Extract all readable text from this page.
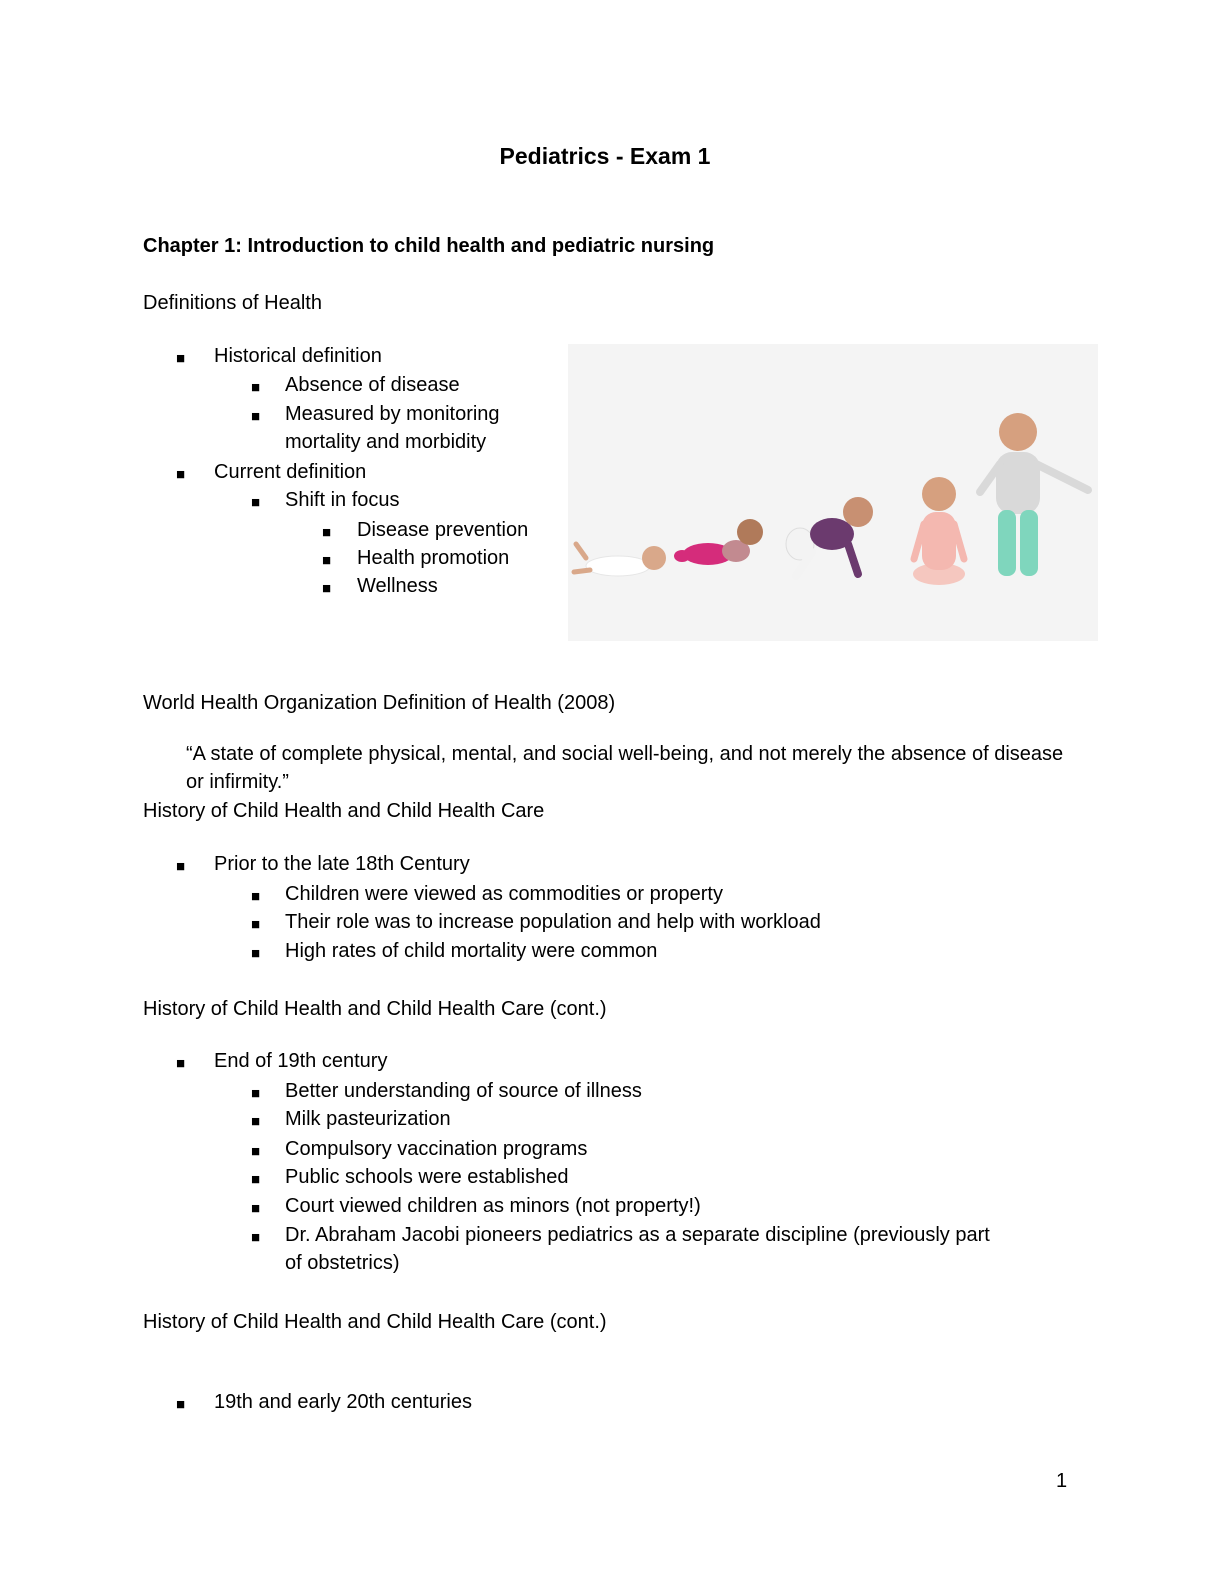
Pediatrics - Exam 1
Chapter 1: Introduction to child health and pediatric nursing
Definitions of Health
■ Historical definition
■ Absence of disease
■ Measured by monitoring
mortality and morbidity
■ Current definition
■ Shift in focus
■ Disease prevention
■ Health promotion
■ Wellness
World Health Organization Definition of Health (2008)
“A state of complete physical, mental, and social well-being, and not merely the absence of disease or infirmity.”
History of Child Health and Child Health Care
■ Prior to the late 18th Century
■ Children were viewed as commodities or property
■ Their role was to increase population and help with workload
■ High rates of child mortality were common
History of Child Health and Child Health Care (cont.)
■ End of 19th century
■ Better understanding of source of illness
■ Milk pasteurization
■ Compulsory vaccination programs
■ Public schools were established
■ Court viewed children as minors (not property!)
■ Dr. Abraham Jacobi pioneers pediatrics as a separate discipline (previously part
of obstetrics)
History of Child Health and Child Health Care (cont.)
■ 19th and early 20th centuries
1
